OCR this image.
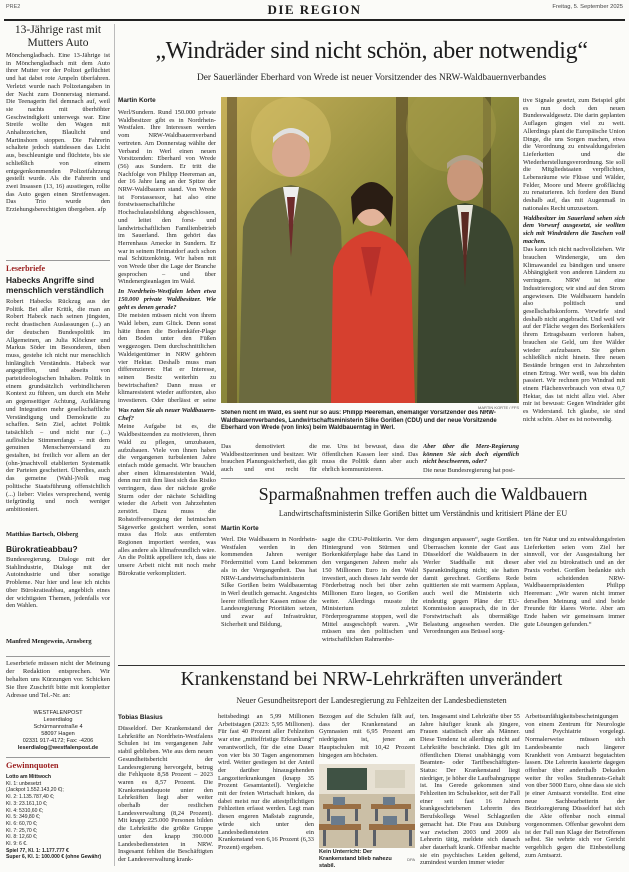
PRE2	DIE REGION	Freitag, 5. September 2025
13-Jährige rast mit Mutters Auto
Mönchengladbach. Eine 13-Jährige ist in Mönchengladbach mit dem Auto ihrer Mutter vor der Polizei geflüchtet und hat dabei rote Ampeln überfahren. Verletzt wurde nach Polizeiangaben in der Nacht zum Donnerstag niemand. Die Teenagerin fiel demnach auf, weil sie nachts mit überhöhter Geschwindigkeit unterwegs war. Eine Streife wollte den Wagen mit Anhaltezeichen, Blaulicht und Martinshorn stoppen. Die Fahrerin schaltete jedoch stattdessen das Licht aus, beschleunigte und flüchtete, bis sie schließlich von einem entgegenkommenden Polizeifahrzeug gestellt wurde. Als die Fahrerin und zwei Insassen (13, 16) ausstiegen, rollte das Auto gegen einen Streifenwagen. Das Trio wurde den Erziehungsberechtigten übergeben. afp
Leserbriefe
Habecks Angriffe sind menschlich verständlich
Robert Habecks Rückzug aus der Politik. Bei aller Kritik, die man an Robert Habeck nach seinen jüngsten, recht drastischen Auslassungen (...) an der deutschen Bundespolitik im Allgemeinen, an Julia Klöckner und Markus Söder im Besonderen, üben muss, gestehe ich nicht nur menschlich hinlänglich Verständnis. Habeck war angegriffen, und abseits von parteiideologischen Inhalten. Politik in einem grundsätzlich verbindlicheren Kontext zu führen, um durch ein Mehr an gegenseitiger Achtung, Aufklärung und Integration mehr gesellschaftliche Verständigung und Demokratie zu schaffen. Sein Ziel, achtet Politik tatsächlich – und nicht nur (...) auflösliche Stimmenfangs – mit dem genuinen Menschenverstand zu gestalten, ist freilich vor allem an der (ohn-)machtvoll etablierten Systematik der Parteien gescheitert. Überdies, auch das gemeine (Wahl-)Volk mag politische Staatsführung offensichtlich (...) lieber: Vieles versprechend, wenig tiefgründig und noch weniger ambitioniert.
Matthias Bartsch, Olsberg
Bürokratieabbau?
Bundesregierung. Dialoge mit der Stahlindustrie, Dialoge mit der Autoindustrie und über sonstige Probleme. Nur hier und lese ich nichts über Bürokratieabbau, angeblich eines der wichtigsten Themen, jedenfalls vor den Wahlen.
Manfred Mengewein, Arnsberg
Leserbriefe müssen nicht der Meinung der Redaktion entsprechen. Wir behalten uns Kürzungen vor. Schicken Sie Ihre Zuschrift bitte mit kompletter Adresse und Tel.-Nr. an:
WESTFALENPOST
Leserdialog
Schürmannstraße 4
58097 Hagen
02331 917-4172; Fax: -4206
leserdialog@westfalenpost.de
Gewinnquoten
Lotto am Mittwoch
Kl. 1: unbesetzt
(Jackpot 1.552.143,20 €);
Kl. 2: 1.135.787,40 €;
Kl. 3: 23.161,10 €;
Kl. 4: 5310,60 €;
Kl. 5: 349,80 €;
Kl. 6: 60,70 €;
Kl. 7: 25,70 €;
Kl. 8: 12,60 €;
Kl. 9: 6 €.
Spiel 77, Kl. 1: 1.177.777 €
Super 6, Kl. 1: 100.000 € (ohne Gewähr)
„Windräder sind nicht schön, aber notwendig“
Der Sauerländer Eberhard von Wrede ist neuer Vorsitzender des NRW-Waldbauernverbandes
Martin Korte

Werl/Sundern. Rund 150.000 private Waldbesitzer gibt es in Nordrhein-Westfalen. Ihre Interessen werden vom NRW-Waldbauernverband vertreten. Am Donnerstag wählte der Verband in Werl einen neuen Vorsitzenden: Eberhard von Wrede (56) aus Sundern. Er tritt die Nachfolge von Philipp Heereman an, der 16 Jahre lang an der Spitze der NRW-Waldbauern stand. Von Wrede ist Forstassessor, hat also eine forstwissenschaftliche Hochschulausbildung abgeschlossen, und leitet den forst- und landwirtschaftlichen Familienbetrieb im Sauerland. Ihm gehört das Herrenhaus Amecke in Sundern. Er war in seinem Heimatdorf auch schon mal Schützenkönig. Wir haben mit von Wrede über die Lage der Branche gesprochen – und über Windenergieanlagen im Wald.

In Nordrhein-Westfalen leben etwa 150.000 private Waldbesitzer. Wie geht es denen gerade?

Die meisten müssen nicht von ihrem Wald leben, zum Glück. Denn sonst hätte ihnen die Borkenkäfer-Plage den Boden unter den Füßen weggezogen. Dem durchschnittlichen Waldeigentümer in NRW gehören vier Hektar. Deshalb muss man differenzieren: Hat er Interesse, seinen Besitz weiterhin zu bewirtschaften? Dann muss er klimaresistent wieder aufforsten, also investieren. Oder überlässt er seine

Was raten Sie als neuer Waldbauern-Chef?

Meine Aufgabe ist es, die Waldbesitzenden zu motivieren, ihren Wald zu pflegen, umzubauen, aufzubauen. Viele von ihnen haben die vergangenen turbulenten Jahre einfach müde gemacht. Wir brauchen aber einen klimaresistenten Wald, denn nur mit ihm lässt sich das Risiko verringern, dass der nächste große Sturm oder der nächste Schädling wieder die Arbeit von Jahrzehnten zerstört. Dazu muss die Rohstoffversorgung der heimischen Sägewerke gesichert werden, sonst muss das Holz aus entfernten Regionen importiert werden, was alles andere als klimafreundlich wäre. An die Politik appelliere ich, dass sie unsere Arbeit nicht mit noch mehr Bürokratie verkompliziert.

MARTIN KORTE / FFS
Stehen nicht im Wald, es sieht nur so aus: Philipp Heereman, ehemaliger Vorsitzender des NRW-Waldbauernverbandes, Landwirtschaftsministerin Silke Gorißen (CDU) und der neue Vorsitzende Eberhard von Wrede (von links) beim Waldbauerntag in Werl.

tive Signale gesetzt, zum Beispiel gibt es nun doch den neuen Bundeswaldgesetz. Die darin geplanten Auflagen gingen viel zu weit. Allerdings plant die Europäische Union Dinge, die uns Sorgen machen, etwa die Verordnung zu entwaldungsfreien Lieferketten und die Wiederherstellungsverordnung. Sie soll die Mitgliedstaaten verpflichten, Lebensräume wie Flüsse und Wälder, Felder, Moore und Meere großflächig zu renaturieren. Ich fordere den Bund deshalb auf, das mit Augenmaß in nationales Recht umzusetzen.

Waldbesitzer im Sauerland sehen sich dem Vorwurf ausgesetzt, sie wollten sich mit Windrädern die Taschen voll machen.

Das kann ich nicht nachvollziehen. Wir brauchen Windenergie, um den Klimawandel zu bändigen und unsere Abhängigkeit von anderen Ländern zu verringern. NRW ist eine Industrieregion; wir sind auf den Strom angewiesen. Die Waldbauern handeln also politisch und gesellschaftskonform. Vorwürfe sind deshalb nicht angebracht. Und weil wir auf der Fläche wegen des Borkenkäfers ihrem Ertragsbaum verloren haben, brauchen sie Geld, um ihre Wälder wieder aufzubauen. Sie gehen schließlich nicht hinein. Ihre neuen Bestände bringen erst in Jahrzehnten einen Ertrag. Wer weiß, was bis dahin passiert. Wir rechnen pro Windrad mit einem Flächenverbrauch von etwa 0,7 Hektar, das ist nicht allzu viel. Aber mir ist bewusst: Gegen Windräder gibt es Widerstand. Ich glaube, sie sind nicht schön. Aber es ist notwendig.

Das demotiviert die Waldbesitzerinnen und besitzer. Wir brauchen Planungssicherheit, das gilt auch und erst recht für
me. Uns ist bewusst, dass die öffentlichen Kassen leer sind. Das muss die Politik dann aber auch ehrlich kommunizieren.

Aber über die Merz-Regierung können Sie sich doch eigentlich nicht beschweren, oder?

Die neue Bundesregierung hat posi-

Sparmaßnahmen treffen auch die Waldbauern
Landwirtschaftsministerin Silke Gorißen bittet um Verständnis und kritisiert Pläne der EU
Martin Korte
Werl. Die Waldbauern in Nordrhein-Westfalen werden in den kommenden Jahren weniger Fördermittel vom Land bekommen als in der Vergangenheit. Das hat NRW-Landwirtschaftsministerin Silke Gorißen beim Waldbauerntag in Werl deutlich gemacht. Angesichts leerer öffentlicher Kassen müsse die Landesregierung Prioritäten setzen, und zwar auf Infrastruktur, Sicherheit und Bildung,
sagte die CDU-Politikerin. Vor dem Hintergrund von Stürmen und Borkenkäferplage habe das Land in den vergangenen Jahren mehr als 150 Millionen Euro in den Wald investiert, auch dieses Jahr werde der Förderbetrag noch bei über zehn Millionen Euro liegen, so Gorißen weiter. Allerdings musste ihr Ministerium zuletzt Förderprogramme stoppen, weil die Mittel ausgeschöpft waren. „Wir müssen uns den politischen und wirtschaftlichen Rahmenbe-
dingungen anpassen“, sagte Gorißen. Überraschen konnte der Gast aus Düsseldorf die Waldbauern in der Werler Stadthalle mit dieser Sparankündigung nicht; sie hatten damit gerechnet. Gorißens Rede quittierten sie mit warmem Applaus, auch weil die Ministerin sich eindeutig gegen Pläne der EU-Kommission aussprach, die in der Forstwirtschaft als übermäßige Belastung angesehen werden. Die Verordnungen aus Brüssel sorg-
ten für Natur und zu entwaldungsfreien Lieferketten seien vom Ziel her sinnvoll, vor der Ausgestaltung her aber viel zu bürokratisch und an der Praxis vorbei. Gorißen bedankte sich beim scheidenden NRW-Waldbauernpräsidenten Philipp Heereman: „Wir waren nicht immer derselben Meinung und sind beide Freunde für klares Worte. Aber am Ende haben wir gemeinsam immer gute Lösungen gefunden.“
Krankenstand bei NRW-Lehrkräften unverändert
Neuer Gesundheitsreport der Landesregierung zu Fehlzeiten der Landesbediensteten
Tobias Blasius
Düsseldorf. Der Krankenstand der Lehrkräfte an Nordrhein-Westfalens Schulen ist im vergangenen Jahr stabil geblieben. Wie aus dem neuen Gesundheitsbericht der Landesregierung hervorgeht, betrug die Fehlquote 8,58 Prozent – 2023 waren es 8,57 Prozent. Die Krankenstandsquote unter den Lehrkräften liegt aber weiter oberhalb der restlichen Landesverwaltung (8,24 Prozent). Mit knapp 225.000 Personen bilden die Lehrkräfte die größte Gruppe unter den knapp 390.000 Landesbediensteten in NRW. Insgesamt fehlten die Beschäftigten der Landesverwaltung krank-
heitsbedingt an 5,99 Millionen Arbeitstagen (2023: 5,95 Millionen). Für fast 40 Prozent aller Fehlzeiten war eine „mittelfristige Erkrankung“ verantwortlich, für die eine Dauer von vier bis 30 Tagen angenommen wird. Weiter gestiegen ist der Anteil der darüber hinausgehenden Langzeiterkrankungen (knapp 35 Prozent Gesamtanteil). Vergleiche mit der freien Wirtschaft hinken, da dabei meist nur die attestpflichtigen Fehlzeiten erfasst werden. Legt man diesen engeren Maßstab zugrunde, würde sich unter den Landesbediensteten ein Krankenstand von 6,16 Prozent (6,33 Prozent) ergeben.
Bezogen auf die Schulen fällt auf, dass der Krankenstand an Gymnasien mit 6,95 Prozent am niedrigsten ist, jener an Hauptschulen mit 10,42 Prozent hingegen am höchsten.
Kein Unterricht: Der Krankenstand blieb nahezu stabil.
DPA
ten. Insgesamt sind Lehrkräfte über 55 Jahre häufiger krank als jüngere, Frauen statistisch eher als Männer. Diese Tendenz ist allerdings nicht auf Lehrkräfte beschränkt. Dies gilt im öffentlichen Dienst unabhängig vom Beamten- oder Tarifbeschäftigten-Status: Der Krankenstand liegt niedriger, je höher die Laufbahngruppe ist. Ins Gerede gekommen sind Fehlzeiten im Schulsektor, seit der Fall einer seit fast 16 Jahren krankgeschriebenen Lehrerin des Berufskollegs Wesel Schlagzeilen gemacht hat. Die Frau aus Duisburg war zwischen 2003 und 2009 als Lehrerin tätig, meldete sich danach aber dauerhaft krank. Offenbar machte sie ein psychisches Leiden geltend, zumindest wurden immer wieder
Arbeitsunfähigkeitsbescheinigungen von einem Zentrum für Neurologie und Psychiatrie vorgelegt. Normalerweise müssen sich Landesbeamte nach längerer Krankheit von Amtsarzt begutachten lassen. Die Lehrerin kassierte dagegen offenbar über anderthalb Dekaden weiter ihr volles Studienrats-Gehalt von über 5000 Euro, ohne dass sie sich je einer Amtsarzt vorstellte. Erst eine neue Sachbearbeiterin der Bezirksregierung Düsseldorf hat sich die Akte offenbar noch einmal vorgenommen. Offenbar gewohnt dem ist der Fall nun Klage der Betroffenen selbst. Sie wehrte sich vor Gericht vergeblich gegen die Einbestellung zum Amtsarzt.
